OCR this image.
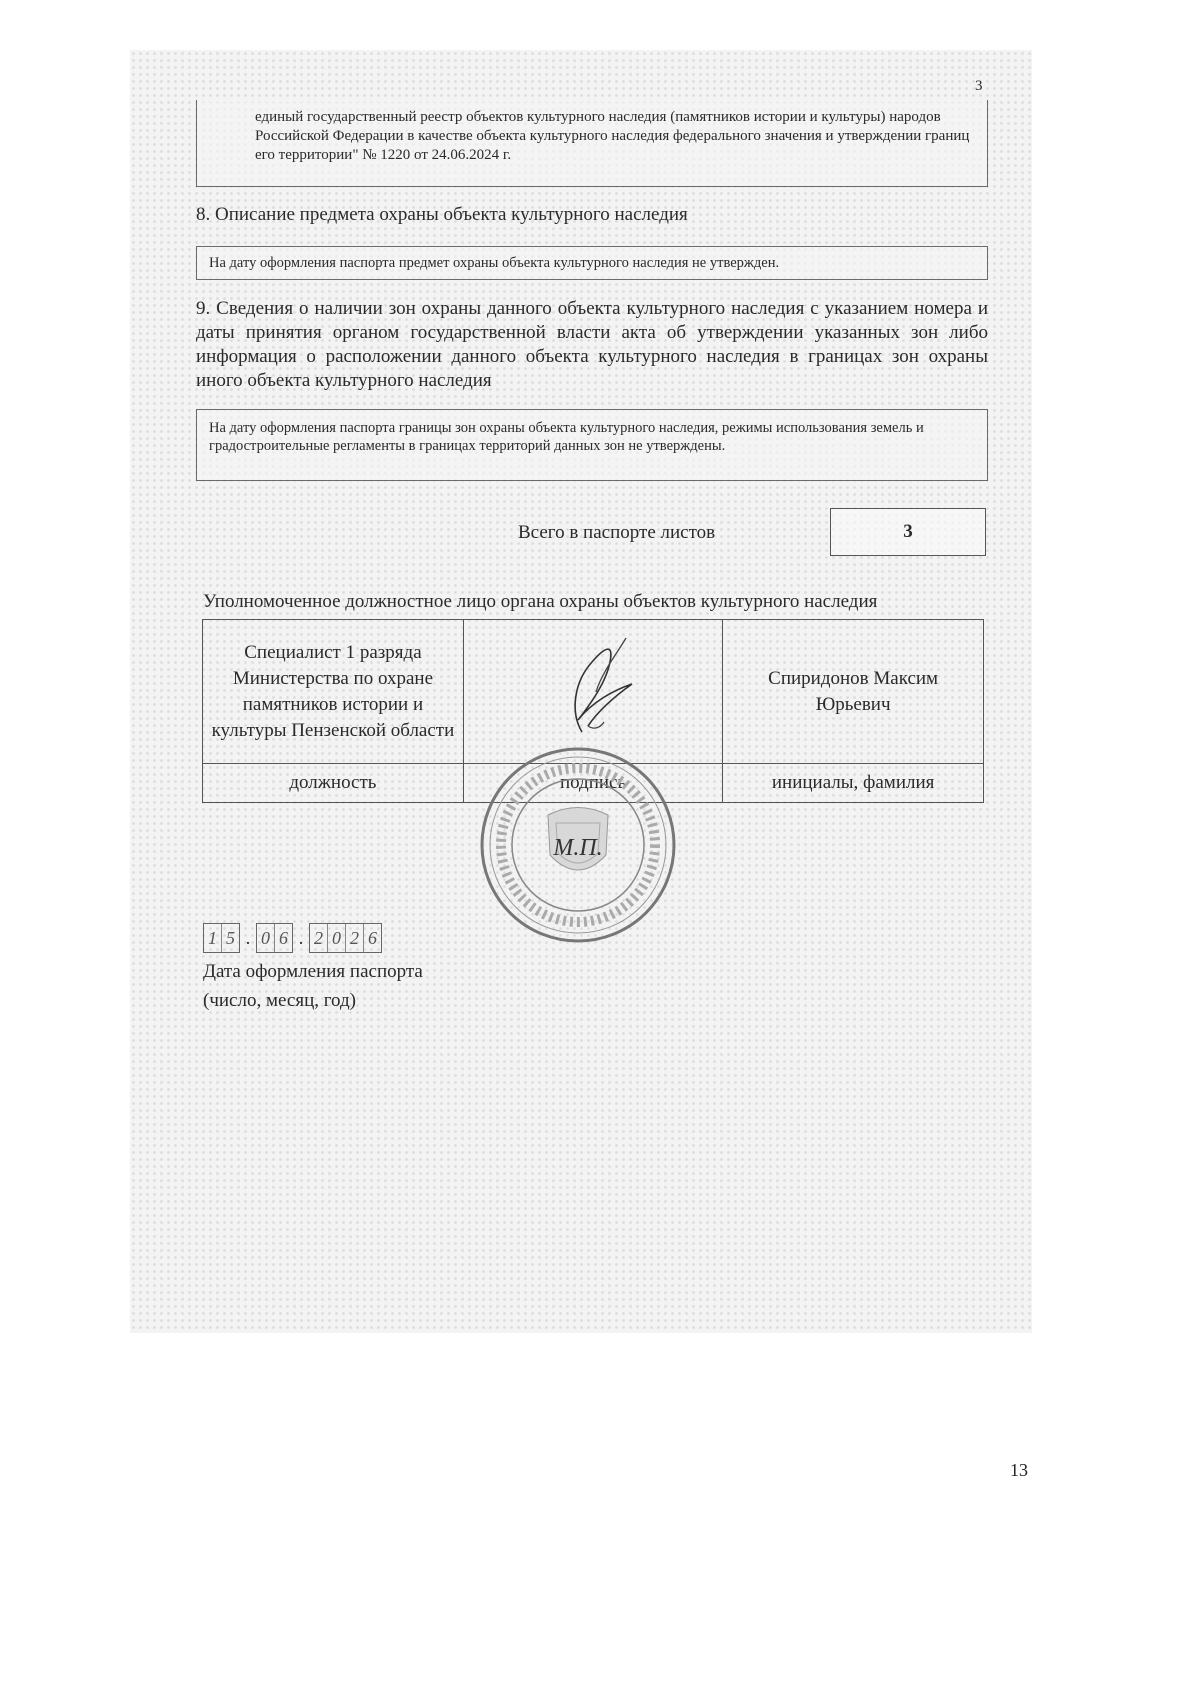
3

единый государственный реестр объектов культурного наследия (памятников истории и культуры) народов Российской Федерации в качестве объекта культурного наследия федерального значения и утверждении границ его территории" № 1220 от 24.06.2024 г.

8. Описание предмета охраны объекта культурного наследия

На дату оформления паспорта предмет охраны объекта культурного наследия не утвержден.

9. Сведения о наличии зон охраны данного объекта культурного наследия с указанием номера и даты принятия органом государственной власти акта об утверждении указанных зон либо информация о расположении данного объекта культурного наследия в границах зон охраны иного объекта культурного наследия

На дату оформления паспорта границы зон охраны объекта культурного наследия, режимы использования земель и градостроительные регламенты в границах территорий данных зон не утверждены.

Всего в паспорте листов	3
Уполномоченное должностное лицо органа охраны объектов культурного наследия
Специалист 1 разряда Министерства по охране памятников истории и культуры Пензенской области		Спиридонов Максим Юрьевич

должность	подпись	инициалы, фамилия
М.П.
1 5 . 0 6 . 2 0 2 6
Дата оформления паспорта
(число, месяц, год)
13
